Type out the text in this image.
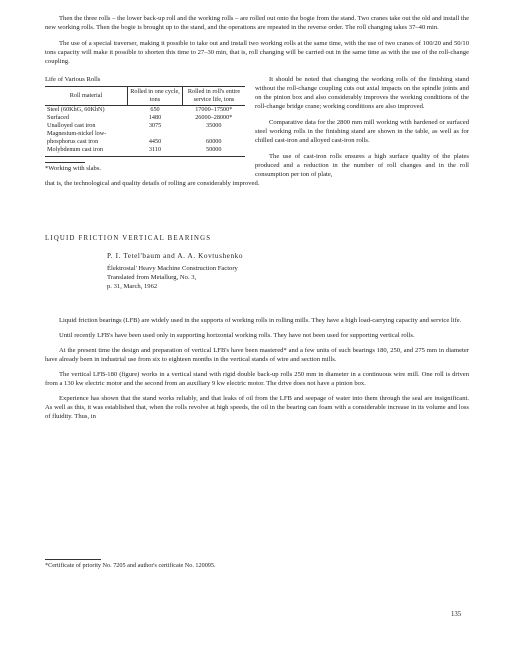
Then the three rolls – the lower back-up roll and the working rolls – are rolled out onto the bogie from the stand. Two cranes take out the old and install the new working rolls. Then the bogie is brought up to the stand, and the operations are repeated in the reverse order. The roll changing takes 37–40 min.

The use of a special traverser, making it possible to take out and install two working rolls at the same time, with the use of two cranes of 100/20 and 50/10 tons capacity will make it possible to shorten this time to 27–30 min, that is, roll changing will be carried out in the same time as with the use of the roll-change coupling.

Life of Various Rolls
Roll material	Rolled in one cycle, tons	Rolled in roll's entire service life, tons
Steel (60KhG, 60KhN)	650	17000–17500*
Surfaced	1480	26000–28000*
Unalloyed cast iron	3075	35000
Magnesium-nickel low-phosphorus cast iron	4450	60000
Molybdenum cast iron	3110	50000
*Working with slabs.

It should be noted that changing the working rolls of the finishing stand without the roll-change coupling cuts out axial impacts on the spindle joints and on the pinion box and also considerably improves the working conditions of the roll-change bridge crane; working conditions are also improved.

Comparative data for the 2800 mm mill working with hardened or surfaced steel working rolls in the finishing stand are shown in the table, as well as for chilled cast-iron and alloyed cast-iron rolls.

The use of cast-iron rolls ensures a high surface quality of the plates produced and a reduction in the number of roll changes and in the roll consumption per ton of plate,

that is, the technological and quality details of rolling are considerably improved.

LIQUID FRICTION VERTICAL BEARINGS
P. I. Tetel'baum and A. A. Kovtushenko
Élektrostal' Heavy Machine Construction Factory
Translated from Metallurg, No. 3,
p. 31, March, 1962

Liquid friction bearings (LFB) are widely used in the supports of working rolls in rolling mills. They have a high load-carrying capacity and service life.

Until recently LFB's have been used only in supporting horizontal working rolls. They have not been used for supporting vertical rolls.

At the present time the design and preparation of vertical LFB's have been mastered* and a few units of such bearings 180, 250, and 275 mm in diameter have already been in industrial use from six to eighteen months in the vertical stands of wire and section mills.

The vertical LFB-180 (figure) works in a vertical stand with rigid double back-up rolls 250 mm in diameter in a continuous wire mill. One roll is driven from a 130 kw electric motor and the second from an auxiliary 9 kw electric motor. The drive does not have a pinion box.

Experience has shown that the stand works reliably, and that leaks of oil from the LFB and seepage of water into them through the seal are insignificant. As well as this, it was established that, when the rolls revolve at high speeds, the oil in the bearing can foam with a considerable increase in its volume and loss of fluidity. Thus, in

*Certificate of priority No. 7205 and author's certificate No. 120095.
135
